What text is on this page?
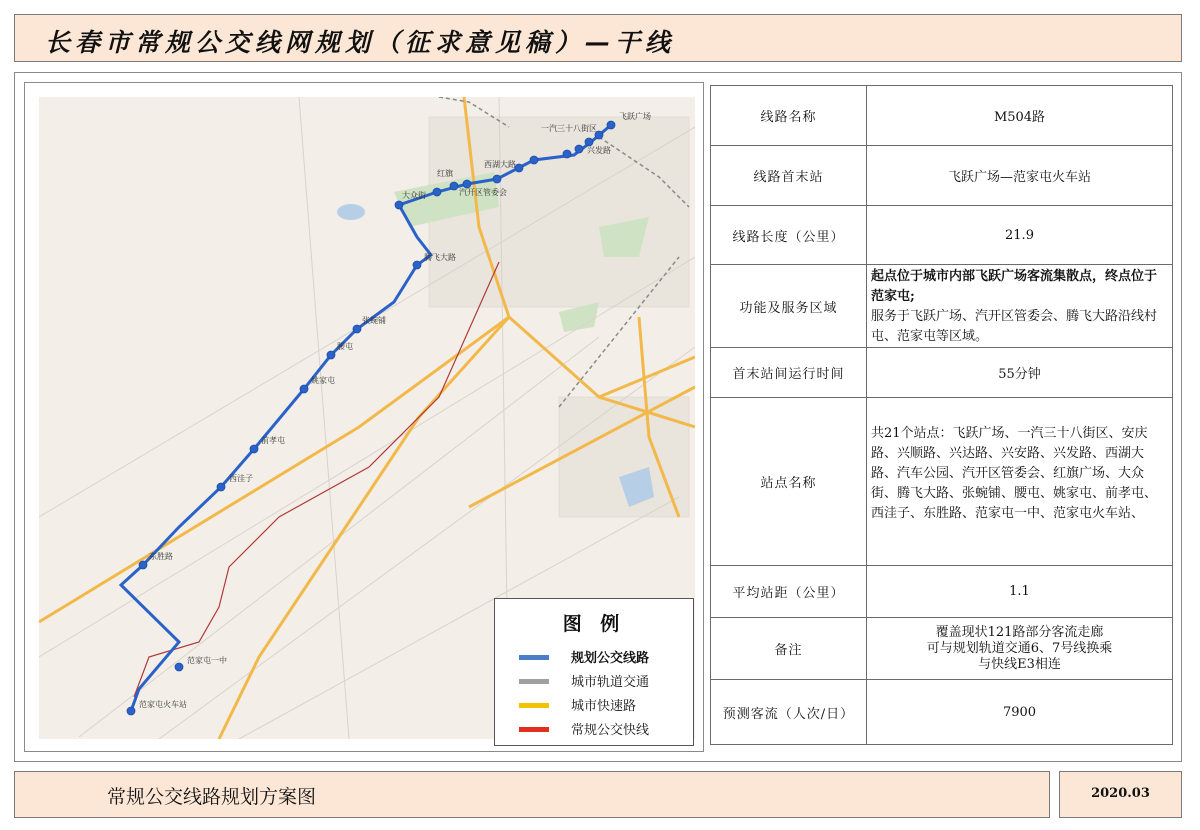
长春市常规公交线网规划（征求意见稿）—干线
飞跃广场
一汽三十八街区
兴发路
西湖大路
红旗
大众街	汽开区管委会
腾飞大路
张蜿铺
腰屯
姚家屯
前孝屯
西洼子
东胜路
范家屯一中
范家屯火车站
图 例
规划公交线路
城市轨道交通
城市快速路
常规公交快线
线路名称	M504路
线路首末站	飞跃广场—范家屯火车站
线路长度（公里）	21.9
功能及服务区域	起点位于城市内部飞跃广场客流集散点，终点位于范家屯;
服务于飞跃广场、汽开区管委会、腾飞大路沿线村屯、范家屯等区域。

首末站间运行时间	55分钟
站点名称	共21个站点：飞跃广场、一汽三十八街区、安庆路、兴顺路、兴达路、兴安路、兴发路、西湖大路、汽车公园、汽开区管委会、红旗广场、大众街、腾飞大路、张蜿铺、腰屯、姚家屯、前孝屯、西洼子、东胜路、范家屯一中、范家屯火车站、
平均站距（公里）	1.1
备注	覆盖现状121路部分客流走廊
可与规划轨道交通6、7号线换乘
与快线E3相连

预测客流（人次/日）	7900
常规公交线路规划方案图	2020.03
